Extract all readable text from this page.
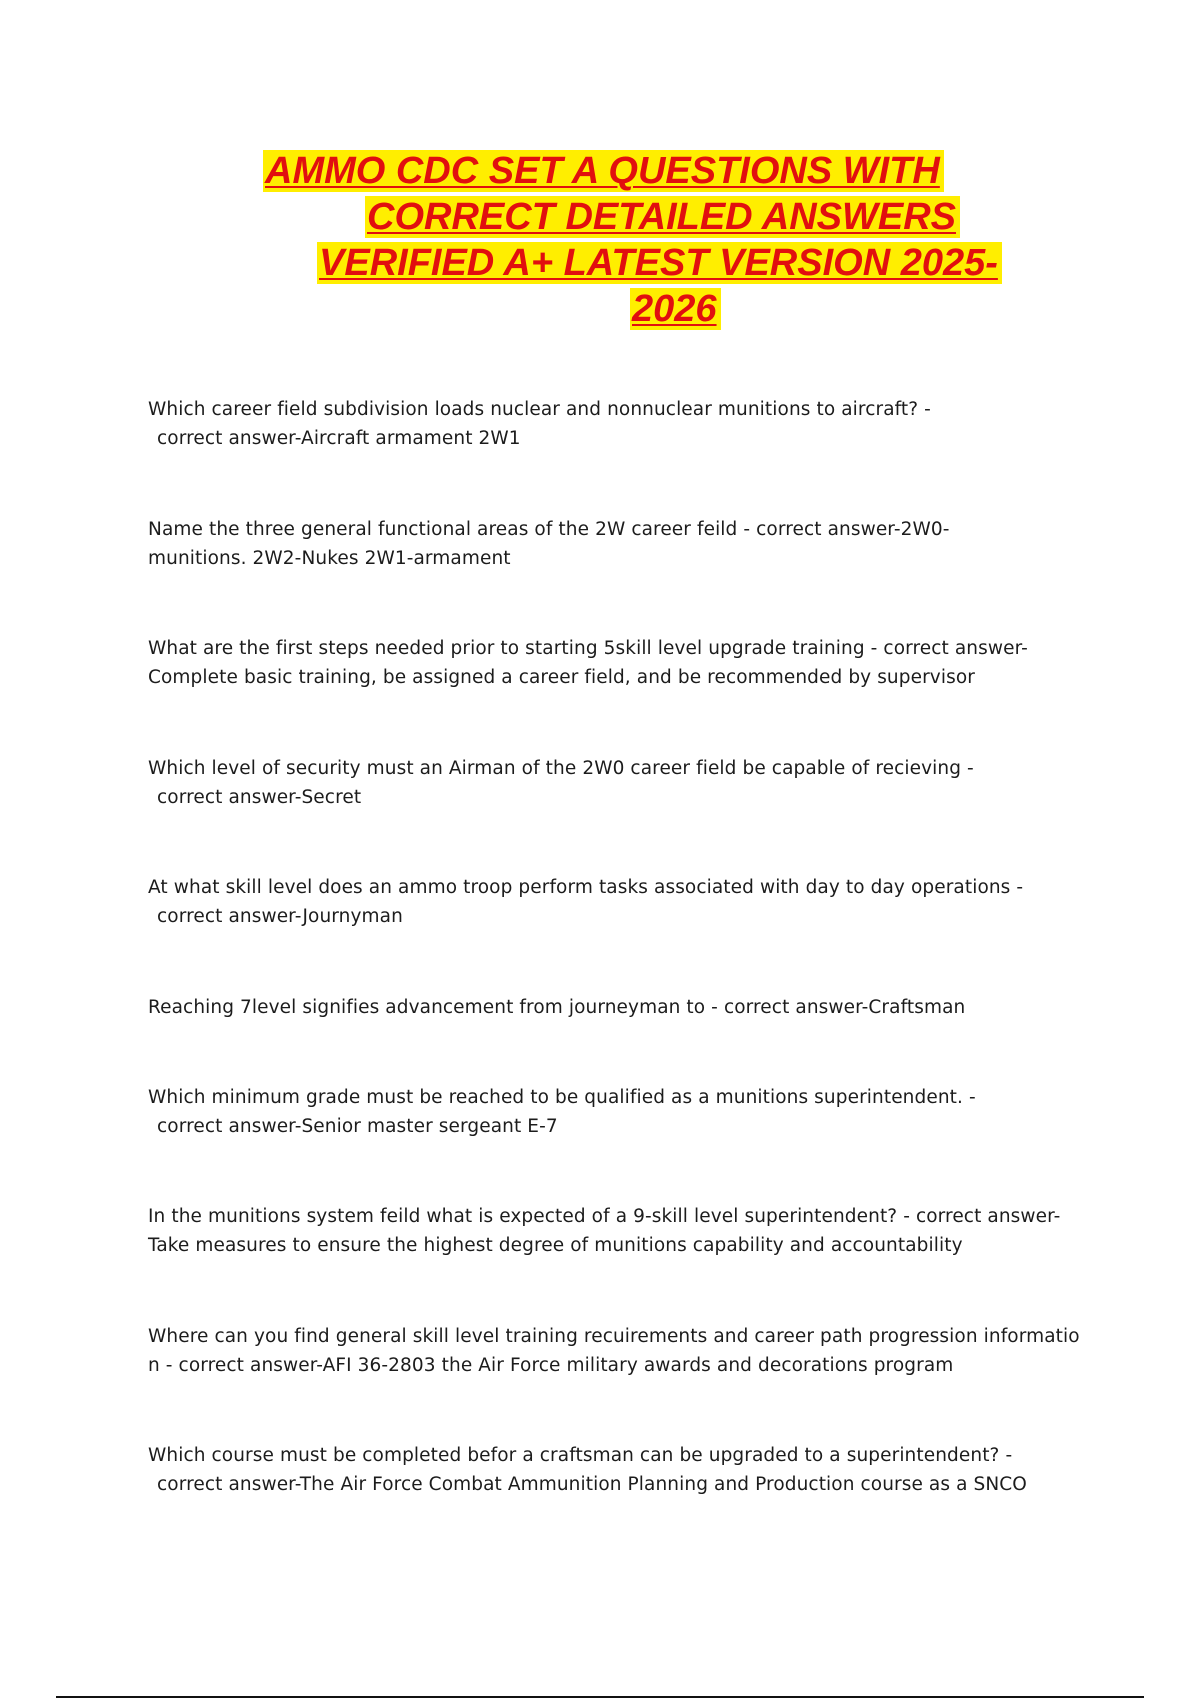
AMMO CDC SET A QUESTIONS WITH
CORRECT DETAILED ANSWERS
VERIFIED A+ LATEST VERSION 2025-
2026
Which career field subdivision loads nuclear and nonnuclear munitions to aircraft? -
correct answer-Aircraft armament 2W1
Name the three general functional areas of the 2W career feild - correct answer-2W0-
munitions. 2W2-Nukes 2W1-armament
What are the first steps needed prior to starting 5skill level upgrade training - correct answer-
Complete basic training, be assigned a career field, and be recommended by supervisor
Which level of security must an Airman of the 2W0 career field be capable of recieving -
correct answer-Secret
At what skill level does an ammo troop perform tasks associated with day to day operations -
correct answer-Journyman
Reaching 7level signifies advancement from journeyman to - correct answer-Craftsman
Which minimum grade must be reached to be qualified as a munitions superintendent. -
correct answer-Senior master sergeant E-7
In the munitions system feild what is expected of a 9-skill level superintendent? - correct answer-
Take measures to ensure the highest degree of munitions capability and accountability
Where can you find general skill level training recuirements and career path progression informatio
n - correct answer-AFI 36-2803 the Air Force military awards and decorations program
Which course must be completed befor a craftsman can be upgraded to a superintendent? -
correct answer-The Air Force Combat Ammunition Planning and Production course as a SNCO
